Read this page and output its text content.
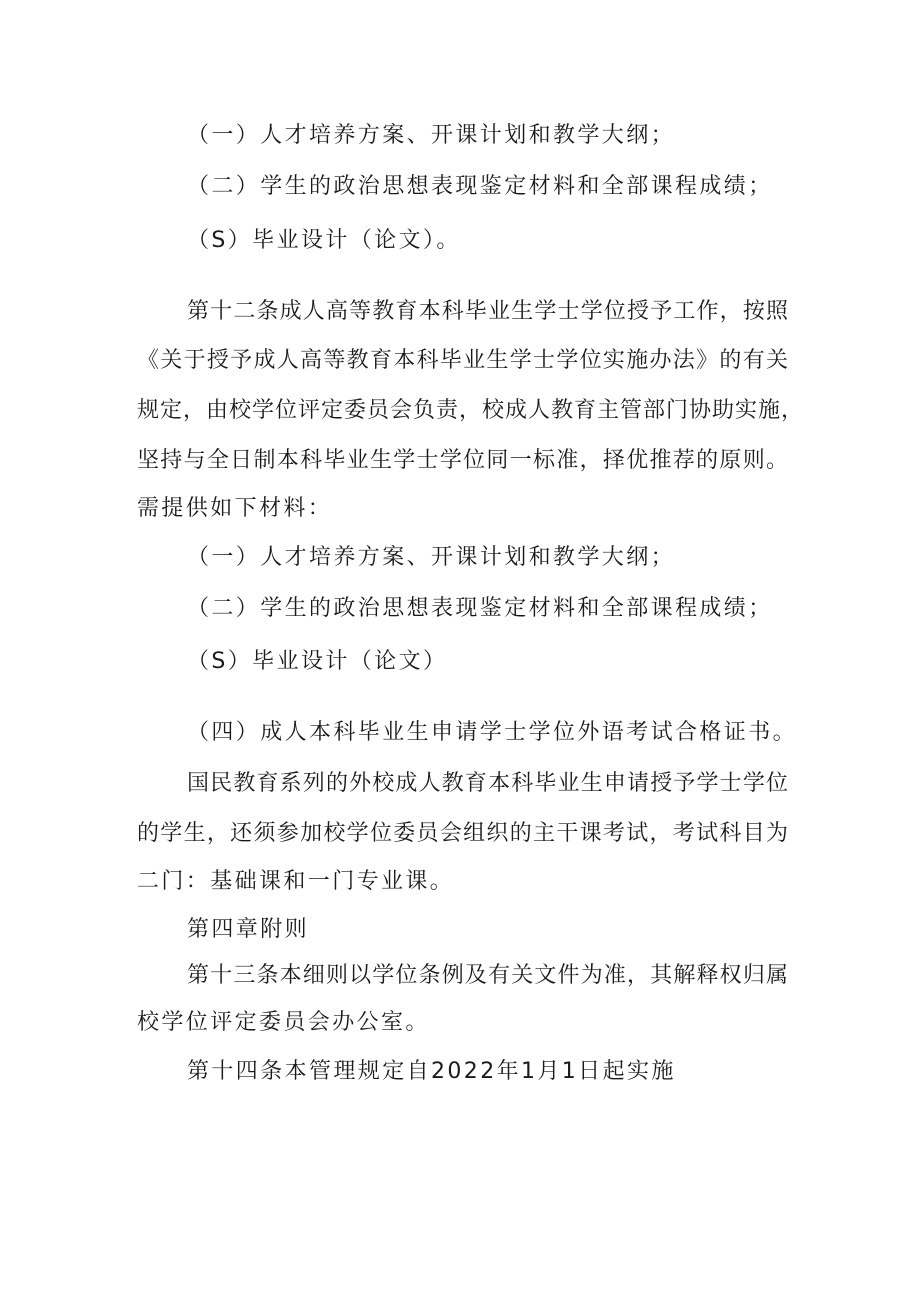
（一）人才培养方案、开课计划和教学大纲；
（二）学生的政治思想表现鉴定材料和全部课程成绩；
（S）毕业设计（论文）。
第十二条成人高等教育本科毕业生学士学位授予工作，按照
《关于授予成人高等教育本科毕业生学士学位实施办法》的有关
规定，由校学位评定委员会负责，校成人教育主管部门协助实施，
坚持与全日制本科毕业生学士学位同一标准，择优推荐的原则。
需提供如下材料：
（一）人才培养方案、开课计划和教学大纲；
（二）学生的政治思想表现鉴定材料和全部课程成绩；
（S）毕业设计（论文）
（四）成人本科毕业生申请学士学位外语考试合格证书。
国民教育系列的外校成人教育本科毕业生申请授予学士学位
的学生，还须参加校学位委员会组织的主干课考试，考试科目为
二门：基础课和一门专业课。
第四章附则
第十三条本细则以学位条例及有关文件为准，其解释权归属
校学位评定委员会办公室。
第十四条本管理规定自2022年1月1日起实施
